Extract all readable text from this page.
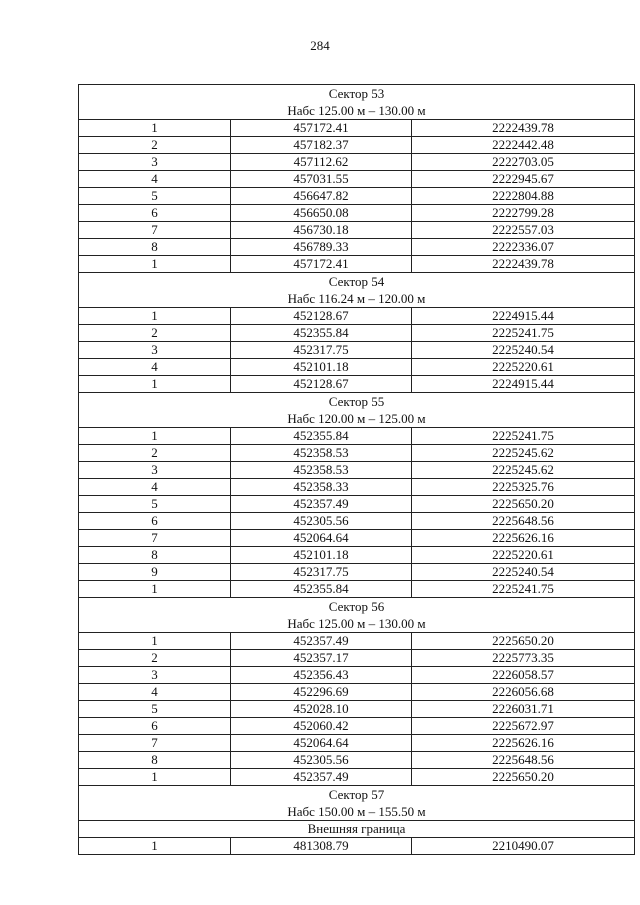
284
Сектор 53
Набс 125.00 м – 130.00 м		

1	457172.41	2222439.78
2	457182.37	2222442.48
3	457112.62	2222703.05
4	457031.55	2222945.67
5	456647.82	2222804.88
6	456650.08	2222799.28
7	456730.18	2222557.03
8	456789.33	2222336.07
1	457172.41	2222439.78

Сектор 54
Набс 116.24 м – 120.00 м		

1	452128.67	2224915.44
2	452355.84	2225241.75
3	452317.75	2225240.54
4	452101.18	2225220.61
1	452128.67	2224915.44

Сектор 55
Набс 120.00 м – 125.00 м		

1	452355.84	2225241.75
2	452358.53	2225245.62
3	452358.53	2225245.62
4	452358.33	2225325.76
5	452357.49	2225650.20
6	452305.56	2225648.56
7	452064.64	2225626.16
8	452101.18	2225220.61
9	452317.75	2225240.54
1	452355.84	2225241.75

Сектор 56
Набс 125.00 м – 130.00 м		

1	452357.49	2225650.20
2	452357.17	2225773.35
3	452356.43	2226058.57
4	452296.69	2226056.68
5	452028.10	2226031.71
6	452060.42	2225672.97
7	452064.64	2225626.16
8	452305.56	2225648.56
1	452357.49	2225650.20

Сектор 57
Набс 150.00 м – 155.50 м		

Внешняя граница		
1	481308.79	2210490.07
